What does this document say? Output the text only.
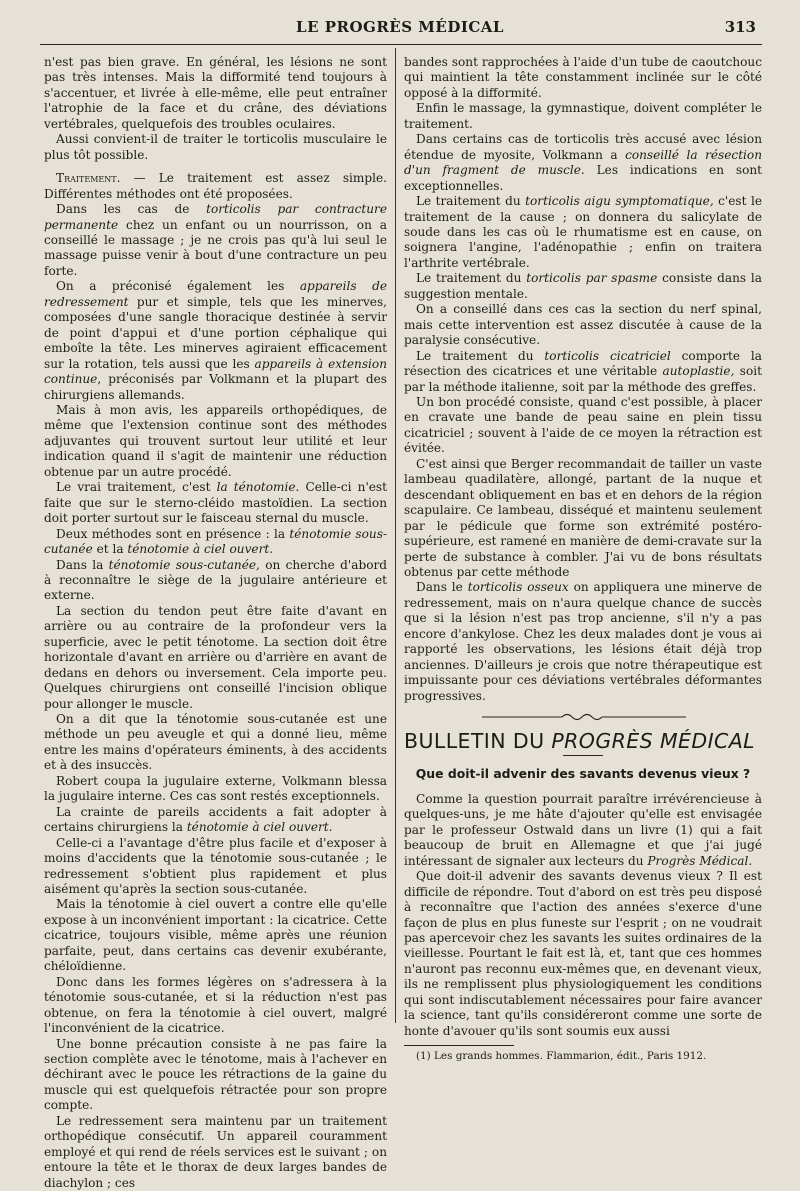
LE PROGRÈS MÉDICAL	313

n'est pas bien grave. En général, les lésions ne sont pas très intenses. Mais la difformité tend toujours à s'accentuer, et livrée à elle-même, elle peut entraîner l'atrophie de la face et du crâne, des déviations vertébrales, quelquefois des troubles oculaires.

Aussi convient-il de traiter le torticolis musculaire le plus tôt possible.

Traitement. — Le traitement est assez simple. Différentes méthodes ont été proposées.

Dans les cas de torticolis par contracture permanente chez un enfant ou un nourrisson, on a conseillé le massage ; je ne crois pas qu'à lui seul le massage puisse venir à bout d'une contracture un peu forte.

On a préconisé également les appareils de redressement pur et simple, tels que les minerves, composées d'une sangle thoracique destinée à servir de point d'appui et d'une portion céphalique qui emboîte la tête. Les minerves agiraient efficacement sur la rotation, tels aussi que les appareils à extension continue, préconisés par Volkmann et la plupart des chirurgiens allemands.

Mais à mon avis, les appareils orthopédiques, de même que l'extension continue sont des méthodes adjuvantes qui trouvent surtout leur utilité et leur indication quand il s'agit de maintenir une réduction obtenue par un autre procédé.

Le vrai traitement, c'est la ténotomie. Celle-ci n'est faite que sur le sterno-cléido mastoïdien. La section doit porter surtout sur le faisceau sternal du muscle.

Deux méthodes sont en présence : la ténotomie sous-cutanée et la ténotomie à ciel ouvert.

Dans la ténotomie sous-cutanée, on cherche d'abord à reconnaître le siège de la jugulaire antérieure et externe.

La section du tendon peut être faite d'avant en arrière ou au contraire de la profondeur vers la superficie, avec le petit ténotome. La section doit être horizontale d'avant en arrière ou d'arrière en avant de dedans en dehors ou inversement. Cela importe peu. Quelques chirurgiens ont conseillé l'incision oblique pour allonger le muscle.

On a dit que la ténotomie sous-cutanée est une méthode un peu aveugle et qui a donné lieu, même entre les mains d'opérateurs éminents, à des accidents et à des insuccès.

Robert coupa la jugulaire externe, Volkmann blessa la jugulaire interne. Ces cas sont restés exceptionnels.

La crainte de pareils accidents a fait adopter à certains chirurgiens la ténotomie à ciel ouvert.

Celle-ci a l'avantage d'être plus facile et d'exposer à moins d'accidents que la ténotomie sous-cutanée ; le redressement s'obtient plus rapidement et plus aisément qu'après la section sous-cutanée.

Mais la ténotomie à ciel ouvert a contre elle qu'elle expose à un inconvénient important : la cicatrice. Cette cicatrice, toujours visible, même après une réunion parfaite, peut, dans certains cas devenir exubérante, chéloïdienne.

Donc dans les formes légères on s'adressera à la ténotomie sous-cutanée, et si la réduction n'est pas obtenue, on fera la ténotomie à ciel ouvert, malgré l'inconvénient de la cicatrice.

Une bonne précaution consiste à ne pas faire la section complète avec le ténotome, mais à l'achever en déchirant avec le pouce les rétractions de la gaine du muscle qui est quelquefois rétractée pour son propre compte.

Le redressement sera maintenu par un traitement orthopédique consécutif. Un appareil couramment employé et qui rend de réels services est le suivant ; on entoure la tête et le thorax de deux larges bandes de diachylon ; ces

bandes sont rapprochées à l'aide d'un tube de caoutchouc qui maintient la tête constamment inclinée sur le côté opposé à la difformité.

Enfin le massage, la gymnastique, doivent compléter le traitement.

Dans certains cas de torticolis très accusé avec lésion étendue de myosite, Volkmann a conseillé la résection d'un fragment de muscle. Les indications en sont exceptionnelles.

Le traitement du torticolis aigu symptomatique, c'est le traitement de la cause ; on donnera du salicylate de soude dans les cas où le rhumatisme est en cause, on soignera l'angine, l'adénopathie ; enfin on traitera l'arthrite vertébrale.

Le traitement du torticolis par spasme consiste dans la suggestion mentale.

On a conseillé dans ces cas la section du nerf spinal, mais cette intervention est assez discutée à cause de la paralysie consécutive.

Le traitement du torticolis cicatriciel comporte la résection des cicatrices et une véritable autoplastie, soit par la méthode italienne, soit par la méthode des greffes.

Un bon procédé consiste, quand c'est possible, à placer en cravate une bande de peau saine en plein tissu cicatriciel ; souvent à l'aide de ce moyen la rétraction est évitée.

C'est ainsi que Berger recommandait de tailler un vaste lambeau quadilatère, allongé, partant de la nuque et descendant obliquement en bas et en dehors de la région scapulaire. Ce lambeau, disséqué et maintenu seulement par le pédicule que forme son extrémité postéro-supérieure, est ramené en manière de demi-cravate sur la perte de substance à combler. J'ai vu de bons résultats obtenus par cette méthode

Dans le torticolis osseux on appliquera une minerve de redressement, mais on n'aura quelque chance de succès que si la lésion n'est pas trop ancienne, s'il n'y a pas encore d'ankylose. Chez les deux malades dont je vous ai rapporté les observations, les lésions était déjà trop anciennes. D'ailleurs je crois que notre thérapeutique est impuissante pour ces déviations vertébrales déformantes progressives.

BULLETIN DU PROGRÈS MÉDICAL
Que doit-il advenir des savants devenus vieux ?

Comme la question pourrait paraître irrévérencieuse à quelques-uns, je me hâte d'ajouter qu'elle est envisagée par le professeur Ostwald dans un livre (1) qui a fait beaucoup de bruit en Allemagne et que j'ai jugé intéressant de signaler aux lecteurs du Progrès Médical.

Que doit-il advenir des savants devenus vieux ? Il est difficile de répondre. Tout d'abord on est très peu disposé à reconnaître que l'action des années s'exerce d'une façon de plus en plus funeste sur l'esprit ; on ne voudrait pas apercevoir chez les savants les suites ordinaires de la vieillesse. Pourtant le fait est là, et, tant que ces hommes n'auront pas reconnu eux-mêmes que, en devenant vieux, ils ne remplissent plus physiologiquement les conditions qui sont indiscutablement nécessaires pour faire avancer la science, tant qu'ils considéreront comme une sorte de honte d'avouer qu'ils sont soumis eux aussi

(1) Les grands hommes. Flammarion, édit., Paris 1912.
